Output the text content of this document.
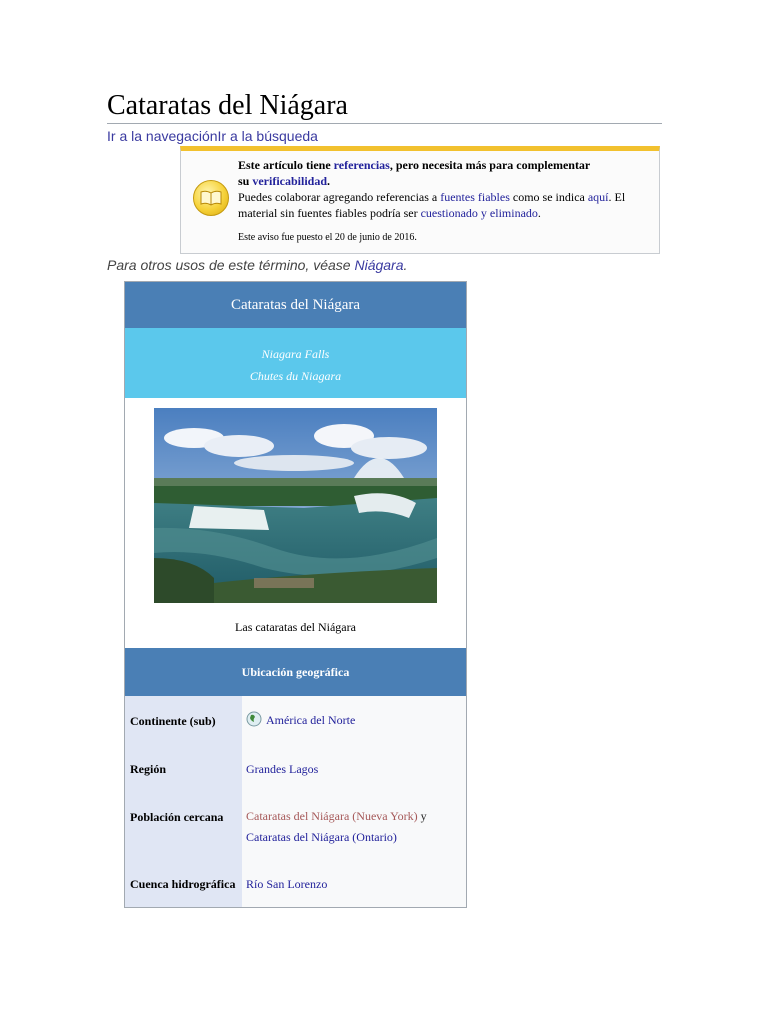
Cataratas del Niágara
Ir a la navegaciónIr a la búsqueda
Este artículo tiene referencias, pero necesita más para complementar
su verificabilidad.
Puedes colaborar agregando referencias a fuentes fiables como se indica aquí. El
material sin fuentes fiables podría ser cuestionado y eliminado.
Este aviso fue puesto el 20 de junio de 2016.
Para otros usos de este término, véase Niágara.
Cataratas del Niágara
Niagara Falls
Chutes du Niagara
Las cataratas del Niágara
Ubicación geográfica
Continente (sub)	América del Norte
Región	Grandes Lagos
Población cercana Cataratas del Niágara (Nueva York) y Cataratas del Niágara (Ontario)
Cuenca hidrográfica Río San Lorenzo
